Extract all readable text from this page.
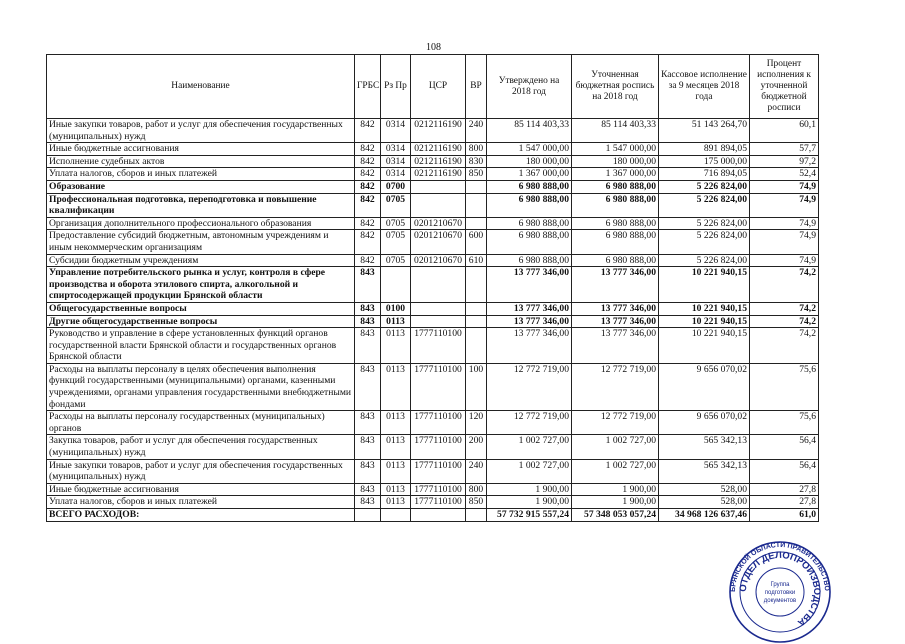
108
Наименование	ГРБС	Рз Пр	ЦСР	ВР	Утверждено на 2018 год	Уточненная бюджетная роспись на 2018 год	Кассовое исполнение за 9 месяцев 2018 года	Процент исполнения к уточненной бюджетной росписи
Иные закупки товаров, работ и услуг для обеспечения государственных (муниципальных) нужд	842	0314	0212116190	240	85 114 403,33	85 114 403,33	51 143 264,70	60,1
Иные бюджетные ассигнования	842	0314	0212116190	800	1 547 000,00	1 547 000,00	891 894,05	57,7
Исполнение судебных актов	842	0314	0212116190	830	180 000,00	180 000,00	175 000,00	97,2
Уплата налогов, сборов и иных платежей	842	0314	0212116190	850	1 367 000,00	1 367 000,00	716 894,05	52,4
Образование	842	0700			6 980 888,00	6 980 888,00	5 226 824,00	74,9
Профессиональная подготовка, переподготовка и повышение квалификации	842	0705			6 980 888,00	6 980 888,00	5 226 824,00	74,9
Организация дополнительного профессионального образования	842	0705	0201210670		6 980 888,00	6 980 888,00	5 226 824,00	74,9
Предоставление субсидий бюджетным, автономным учреждениям и иным некоммерческим организациям	842	0705	0201210670	600	6 980 888,00	6 980 888,00	5 226 824,00	74,9
Субсидии бюджетным учреждениям	842	0705	0201210670	610	6 980 888,00	6 980 888,00	5 226 824,00	74,9
Управление потребительского рынка и услуг, контроля в сфере производства и оборота этилового спирта, алкогольной и спиртосодержащей продукции Брянской области	843				13 777 346,00	13 777 346,00	10 221 940,15	74,2
Общегосударственные вопросы	843	0100			13 777 346,00	13 777 346,00	10 221 940,15	74,2
Другие общегосударственные вопросы	843	0113			13 777 346,00	13 777 346,00	10 221 940,15	74,2
Руководство и управление в сфере установленных функций органов государственной власти Брянской области и государственных органов Брянской области	843	0113	1777110100		13 777 346,00	13 777 346,00	10 221 940,15	74,2
Расходы на выплаты персоналу в целях обеспечения выполнения функций государственными (муниципальными) органами, казенными учреждениями, органами управления государственными внебюджетными фондами	843	0113	1777110100	100	12 772 719,00	12 772 719,00	9 656 070,02	75,6
Расходы на выплаты персоналу государственных (муниципальных) органов	843	0113	1777110100	120	12 772 719,00	12 772 719,00	9 656 070,02	75,6
Закупка товаров, работ и услуг для обеспечения государственных (муниципальных) нужд	843	0113	1777110100	200	1 002 727,00	1 002 727,00	565 342,13	56,4
Иные закупки товаров, работ и услуг для обеспечения государственных (муниципальных) нужд	843	0113	1777110100	240	1 002 727,00	1 002 727,00	565 342,13	56,4
Иные бюджетные ассигнования	843	0113	1777110100	800	1 900,00	1 900,00	528,00	27,8
Уплата налогов, сборов и иных платежей	843	0113	1777110100	850	1 900,00	1 900,00	528,00	27,8
ВСЕГО РАСХОДОВ:					57 732 915 557,24	57 348 053 057,24	34 968 126 637,46	61,0
БРЯНСКОЙ ОБЛАСТИ ПРАВИТЕЛЬСТВО
ОТДЕЛ ДЕЛОПРОИЗВОДСТВА
Группа
подготовки
документов
